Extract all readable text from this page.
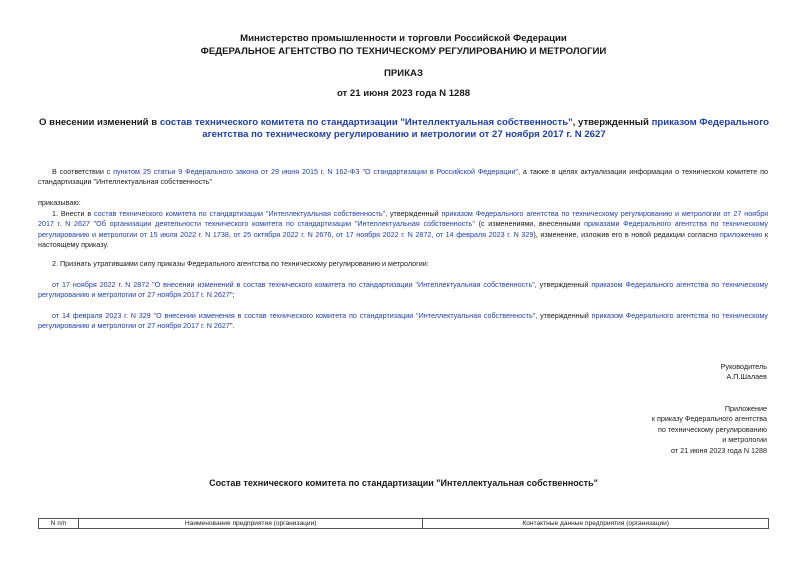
Министерство промышленности и торговли Российской Федерации
ФЕДЕРАЛЬНОЕ АГЕНТСТВО ПО ТЕХНИЧЕСКОМУ РЕГУЛИРОВАНИЮ И МЕТРОЛОГИИ
ПРИКАЗ
от 21 июня 2023 года N 1288
О внесении изменений в состав технического комитета по стандартизации "Интеллектуальная собственность", утвержденный приказом Федерального агентства по техническому регулированию и метрологии от 27 ноября 2017 г. N 2627
В соответствии с пунктом 25 статьи 9 Федерального закона от 29 июня 2015 г. N 162-ФЗ "О стандартизации в Российской Федерации", а также в целях актуализации информации о техническом комитете по стандартизации "Интеллектуальная собственность"
приказываю:
1. Внести в состав технического комитета по стандартизации "Интеллектуальная собственность", утвержденный приказом Федерального агентства по техническому регулированию и метрологии от 27 ноября 2017 г. N 2627 "Об организации деятельности технического комитета по стандартизации "Интеллектуальная собственность" (с изменениями, внесенными приказами Федерального агентства по техническому регулированию и метрологии от 15 июля 2022 г. N 1738, от 25 октября 2022 г. N 2676, от 17 ноября 2022 г. N 2872, от 14 февраля 2023 г. N 329), изменение, изложив его в новой редакции согласно приложению к настоящему приказу.
2. Признать утратившими силу приказы Федерального агентства по техническому регулированию и метрологии:
от 17 ноября 2022 г. N 2872 "О внесении изменений в состав технического комитета по стандартизации "Интеллектуальная собственность", утвержденный приказом Федерального агентства по техническому регулированию и метрологии от 27 ноября 2017 г. N 2627";
от 14 февраля 2023 г. N 329 "О внесении изменения в состав технического комитета по стандартизации "Интеллектуальная собственность", утвержденный приказом Федерального агентства по техническому регулированию и метрологии от 27 ноября 2017 г. N 2627".
Руководитель
А.П.Шалаев
Приложение
к приказу Федерального агентства
по техническому регулированию
и метрологии
от 21 июня 2023 года N 1288
Состав технического комитета по стандартизации "Интеллектуальная собственность"
N п/п	Наименование предприятия (организации)	Контактные данные предприятия (организации)
